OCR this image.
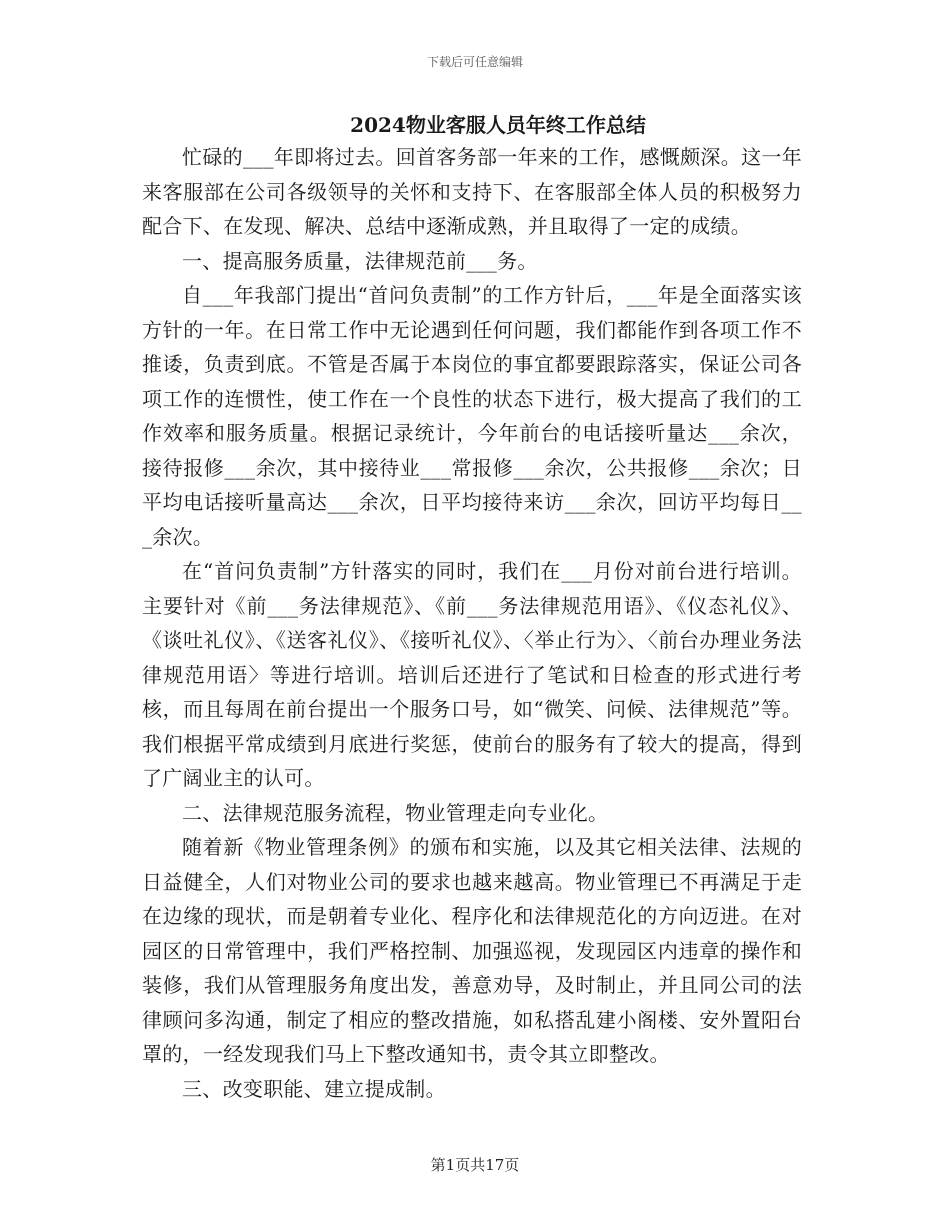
下载后可任意编辑
2024物业客服人员年终工作总结

忙碌的___年即将过去。回首客务部一年来的工作，感慨颇深。这一年来客服部在公司各级领导的关怀和支持下、在客服部全体人员的积极努力配合下、在发现、解决、总结中逐渐成熟，并且取得了一定的成绩。

一、提高服务质量，法律规范前___务。

自___年我部门提出“首问负责制”的工作方针后，___年是全面落实该方针的一年。在日常工作中无论遇到任何问题，我们都能作到各项工作不推诿，负责到底。不管是否属于本岗位的事宜都要跟踪落实，保证公司各项工作的连惯性，使工作在一个良性的状态下进行，极大提高了我们的工作效率和服务质量。根据记录统计，今年前台的电话接听量达___余次，接待报修___余次，其中接待业___常报修___余次，公共报修___余次；日平均电话接听量高达___余次，日平均接待来访___余次，回访平均每日___余次。

在“首问负责制”方针落实的同时，我们在___月份对前台进行培训。主要针对《前___务法律规范》、《前___务法律规范用语》、《仪态礼仪》、《谈吐礼仪》、《送客礼仪》、《接听礼仪》、〈举止行为〉、〈前台办理业务法律规范用语〉等进行培训。培训后还进行了笔试和日检查的形式进行考核，而且每周在前台提出一个服务口号，如“微笑、问候、法律规范”等。我们根据平常成绩到月底进行奖惩，使前台的服务有了较大的提高，得到了广阔业主的认可。

二、法律规范服务流程，物业管理走向专业化。

随着新《物业管理条例》的颁布和实施，以及其它相关法律、法规的日益健全，人们对物业公司的要求也越来越高。物业管理已不再满足于走在边缘的现状，而是朝着专业化、程序化和法律规范化的方向迈进。在对园区的日常管理中，我们严格控制、加强巡视，发现园区内违章的操作和装修，我们从管理服务角度出发，善意劝导，及时制止，并且同公司的法律顾问多沟通，制定了相应的整改措施，如私搭乱建小阁楼、安外置阳台罩的，一经发现我们马上下整改通知书，责令其立即整改。

三、改变职能、建立提成制。

第1页共17页
